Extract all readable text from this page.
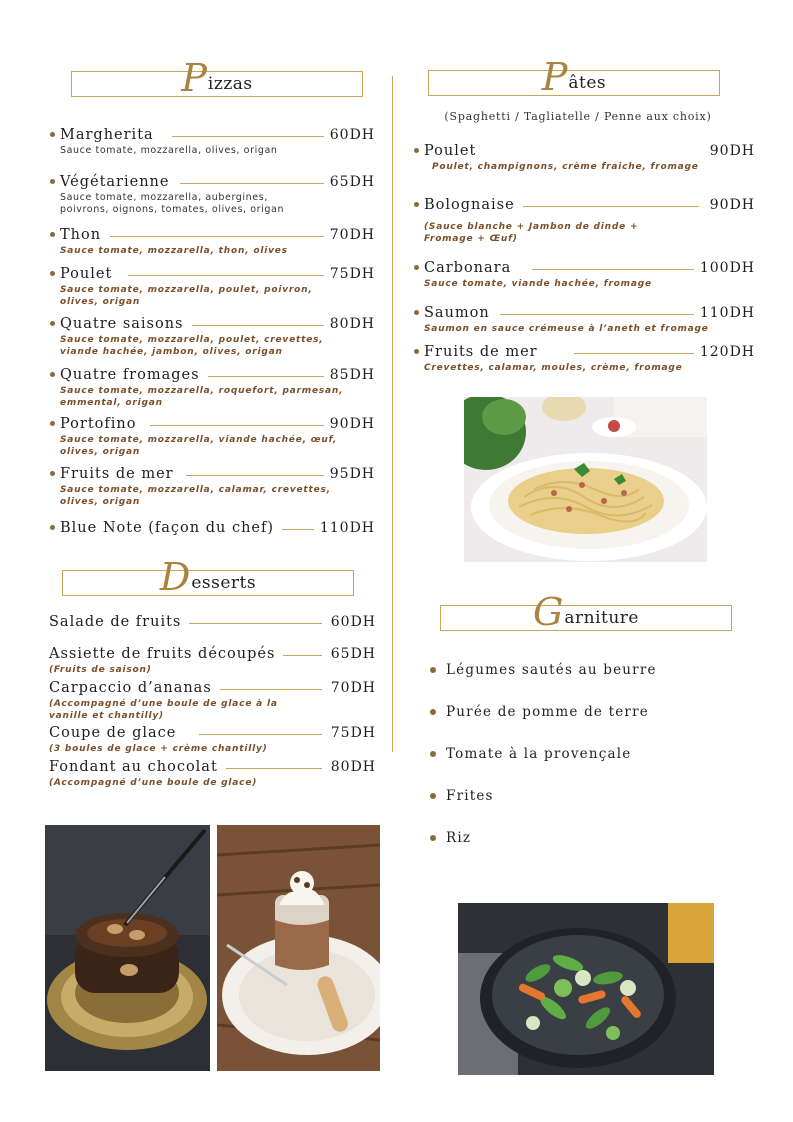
P izzas
Margherita	60DH
Sauce tomate, mozzarella, olives, origan
Végétarienne	65DH
Sauce tomate, mozzarella, aubergines,
poivrons, oignons, tomates, olives, origan
Thon	70DH
Sauce tomate, mozzarella, thon, olives
Poulet	75DH
Sauce tomate, mozzarella, poulet, poivron,
olives, origan
Quatre saisons	80DH
Sauce tomate, mozzarella, poulet, crevettes,
viande hachée, jambon, olives, origan
Quatre fromages	85DH
Sauce tomate, mozzarella, roquefort, parmesan,
emmental, origan
Portofino	90DH
Sauce tomate, mozzarella, viande hachée, œuf,
olives, origan
Fruits de mer	95DH
Sauce tomate, mozzarella, calamar, crevettes,
olives, origan
Blue Note (façon du chef)	110DH
D esserts
Salade de fruits	60DH
Assiette de fruits découpés	65DH
(Fruits de saison)
Carpaccio d’ananas	70DH
(Accompagné d’une boule de glace à la
vanille et chantilly)
Coupe de glace	75DH
(3 boules de glace + crème chantilly)
Fondant au chocolat	80DH
(Accompagné d’une boule de glace)
P âtes
(Spaghetti / Tagliatelle / Penne aux choix)
Poulet	90DH
Poulet, champignons, crème fraiche, fromage
Bolognaise	90DH
(Sauce blanche + Jambon de dinde +
Fromage + Œuf)
Carbonara	100DH
Sauce tomate, viande hachée, fromage
Saumon	110DH
Saumon en sauce crémeuse à l’aneth et fromage
Fruits de mer	120DH
Crevettes, calamar, moules, crème, fromage
G arniture
Légumes sautés au beurre
Purée de pomme de terre
Tomate à la provençale
Frites
Riz
